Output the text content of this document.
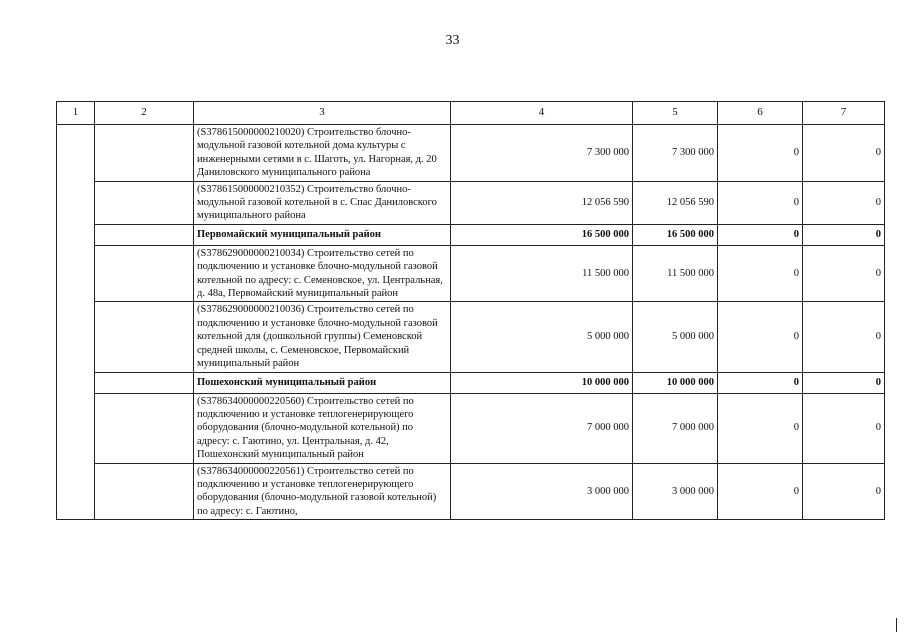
33
1	2	3	4	5	6	7
		(S378615000000210020) Строительство блочно-модульной газовой котельной дома культуры с инженерными сетями в с. Шаготь, ул. Нагорная, д. 20 Даниловского муниципального района	7 300 000	7 300 000	0	0
		(S378615000000210352) Строительство блочно-модульной газовой котельной в с. Спас Даниловского муниципального района	12 056 590	12 056 590	0	0
		Первомайский муниципальный район	16 500 000	16 500 000	0	0
		(S378629000000210034) Строительство сетей по подключению и установке блочно-модульной газовой котельной по адресу: с. Семеновское, ул. Центральная, д. 48а, Первомайский муниципальный район	11 500 000	11 500 000	0	0
		(S378629000000210036) Строительство сетей по подключению и установке блочно-модульной газовой котельной для (дошкольной группы) Семеновской средней школы, с. Семеновское, Первомайский муниципальный район	5 000 000	5 000 000	0	0
		Пошехонский муниципальный район	10 000 000	10 000 000	0	0
		(S378634000000220560) Строительство сетей по подключению и установке теплогенерирующего оборудования (блочно-модульной котельной) по адресу: с. Гаютино, ул. Центральная, д. 42, Пошехонский муниципальный район	7 000 000	7 000 000	0	0
		(S378634000000220561) Строительство сетей по подключению и установке теплогенерирующего оборудования (блочно-модульной газовой котельной) по адресу: с. Гаютино,	3 000 000	3 000 000	0	0
